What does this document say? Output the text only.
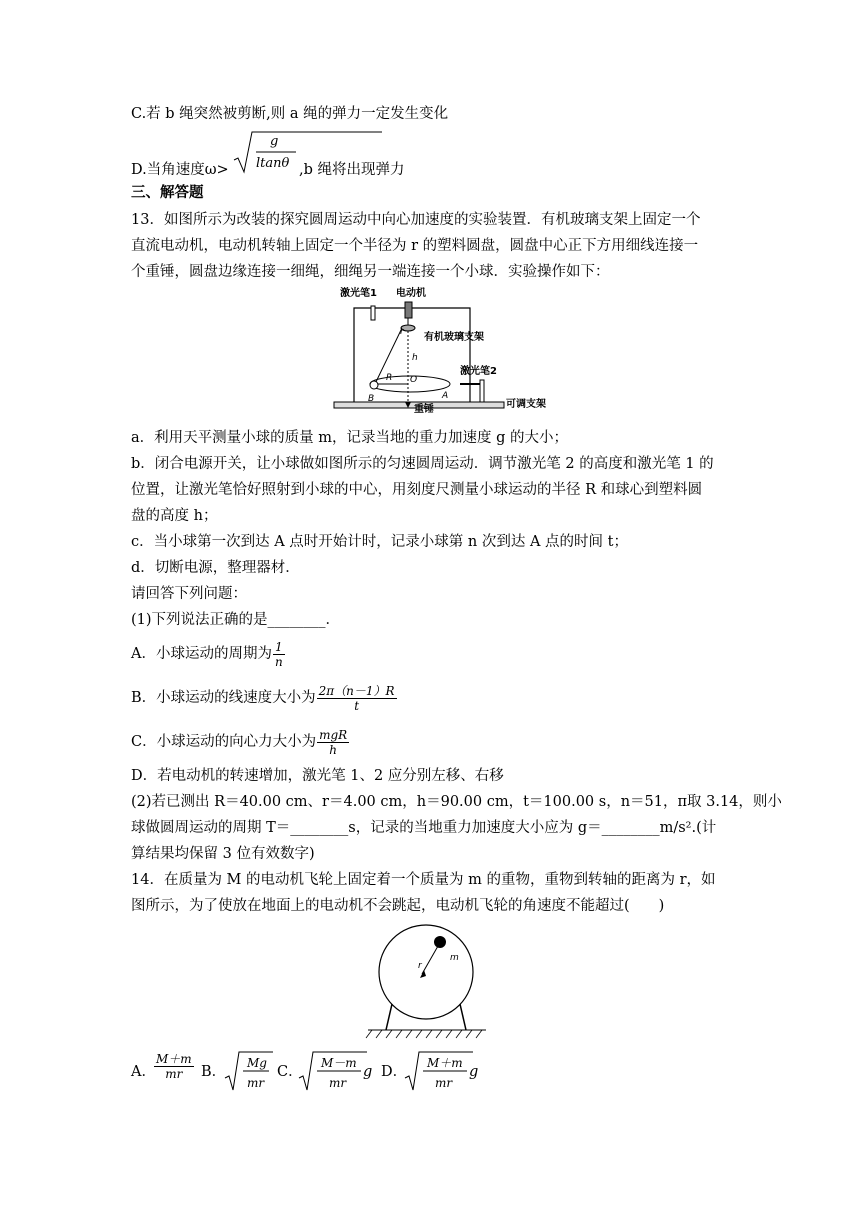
C.若 b 绳突然被剪断,则 a 绳的弹力一定发生变化
D.当角速度ω>
g
ltanθ ,b 绳将出现弹力
三、解答题
13．如图所示为改装的探究圆周运动中向心加速度的实验装置．有机玻璃支架上固定一个
直流电动机，电动机转轴上固定一个半径为 r 的塑料圆盘，圆盘中心正下方用细线连接一
个重锤，圆盘边缘连接一细绳，细绳另一端连接一个小球．实验操作如下：
激光笔1 电动机
有机玻璃支架
激光笔2
可调支架
重锤
r
h
R O
A
B
a．利用天平测量小球的质量 m，记录当地的重力加速度 g 的大小；
b．闭合电源开关，让小球做如图所示的匀速圆周运动．调节激光笔 2 的高度和激光笔 1 的
位置，让激光笔恰好照射到小球的中心，用刻度尺测量小球运动的半径 R 和球心到塑料圆
盘的高度 h；
c．当小球第一次到达 A 点时开始计时，记录小球第 n 次到达 A 点的时间 t；
d．切断电源，整理器材．
请回答下列问题：
(1)下列说法正确的是________．
A．小球运动的周期为 $\frac{1}{n}$
B．小球运动的线速度大小为 $\frac{2\pi(n-1)R}{t}$
C．小球运动的向心力大小为 $\frac{\text{mgR}}{h}$
D．若电动机的转速增加，激光笔 1、2 应分别左移、右移
(2)若已测出 R＝40.00 cm、r＝4.00 cm，h＝90.00 cm，t＝100.00 s，n＝51，π取 3.14，则小
球做圆周运动的周期 T＝________s，记录的当地重力加速度大小应为 g＝________m/s².(计
算结果均保留 3 位有效数字)
14．在质量为 M 的电动机飞轮上固定着一个质量为 m 的重物，重物到转轴的距离为 r，如
图所示，为了使放在地面上的电动机不会跳起，电动机飞轮的角速度不能超过(　　)
r
m
A．
$\frac{M+m}{mr}$ B．
Mg
mr
C．
M－m
mr
g D．
M＋m
mr
g
